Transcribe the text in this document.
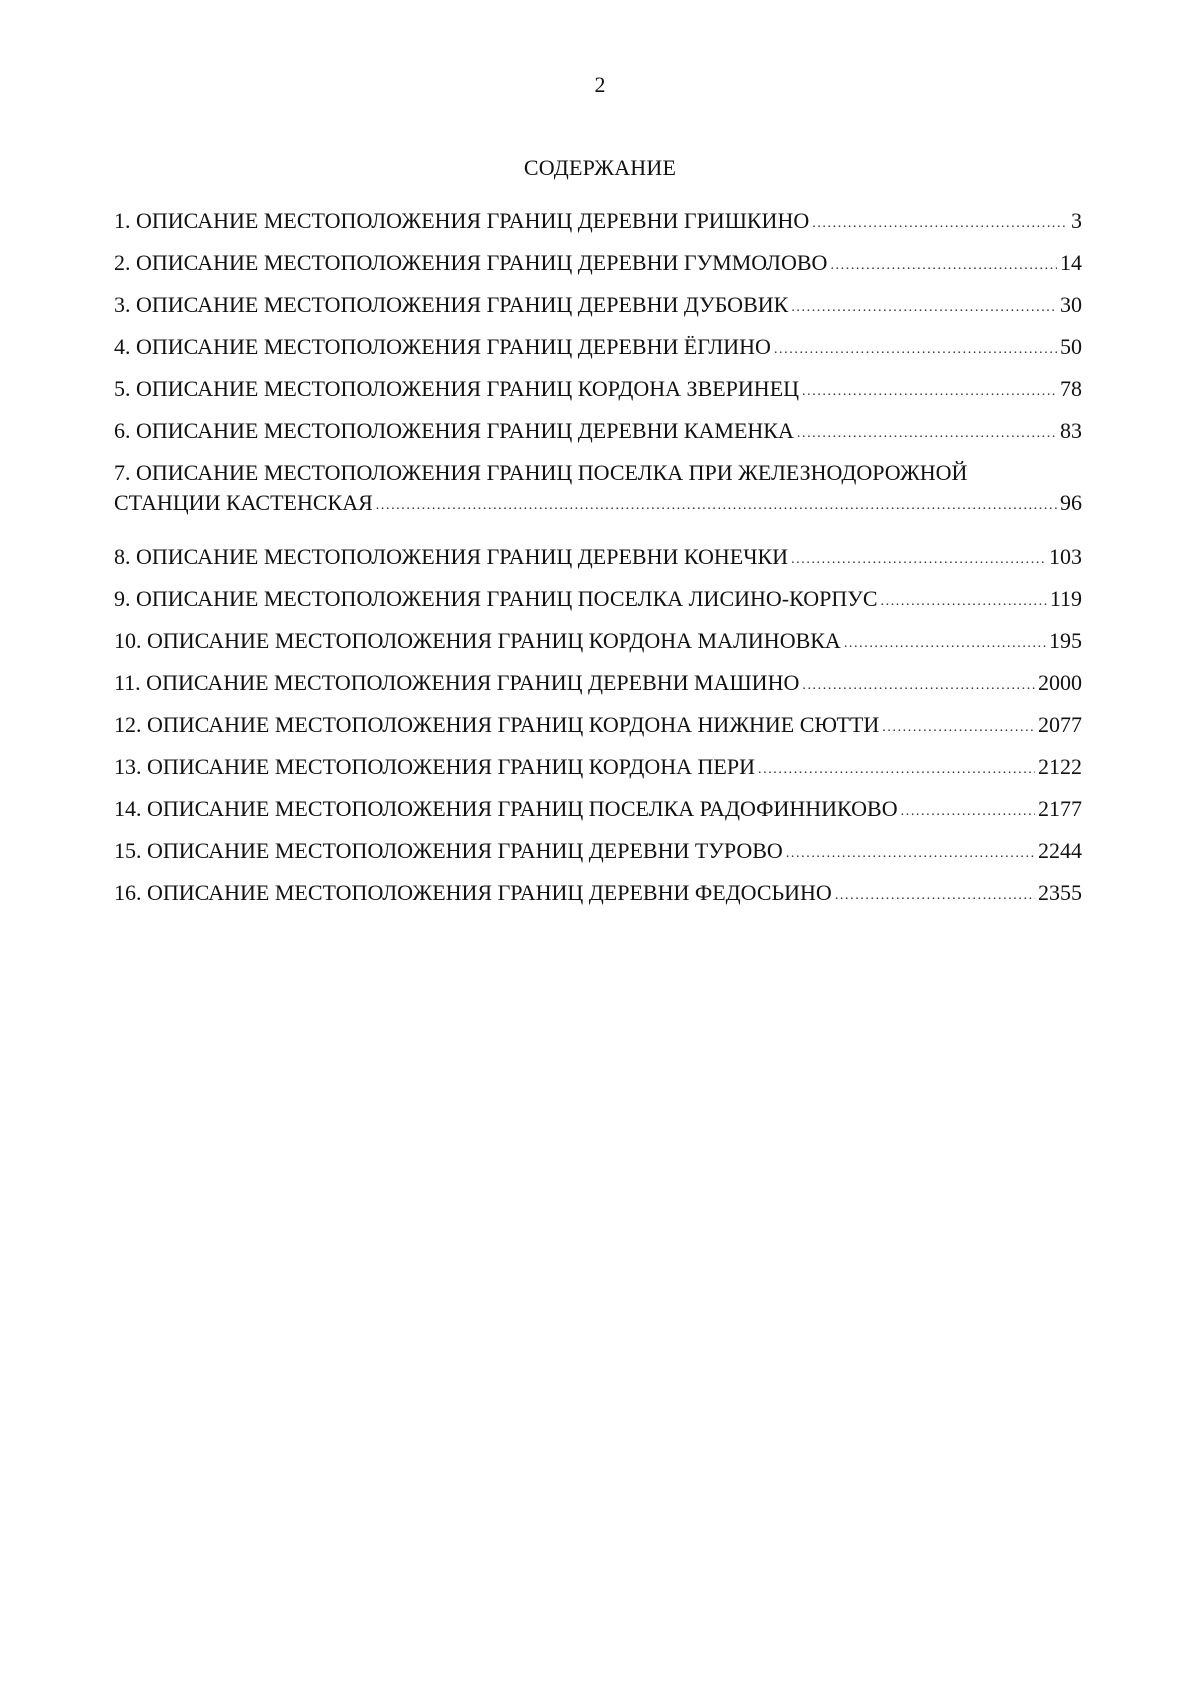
2
СОДЕРЖАНИЕ
1. ОПИСАНИЕ МЕСТОПОЛОЖЕНИЯ ГРАНИЦ ДЕРЕВНИ ГРИШКИНО .....	3
2. ОПИСАНИЕ МЕСТОПОЛОЖЕНИЯ ГРАНИЦ ДЕРЕВНИ ГУММОЛОВО .....	14
3. ОПИСАНИЕ МЕСТОПОЛОЖЕНИЯ ГРАНИЦ ДЕРЕВНИ ДУБОВИК .....	30
4. ОПИСАНИЕ МЕСТОПОЛОЖЕНИЯ ГРАНИЦ ДЕРЕВНИ ЁГЛИНО .....	50
5. ОПИСАНИЕ МЕСТОПОЛОЖЕНИЯ ГРАНИЦ КОРДОНА ЗВЕРИНЕЦ .....	78
6. ОПИСАНИЕ МЕСТОПОЛОЖЕНИЯ ГРАНИЦ ДЕРЕВНИ КАМЕНКА .....	83
7. ОПИСАНИЕ МЕСТОПОЛОЖЕНИЯ ГРАНИЦ ПОСЕЛКА ПРИ ЖЕЛЕЗНОДОРОЖНОЙ
СТАНЦИИ КАСТЕНСКАЯ .....	96
8. ОПИСАНИЕ МЕСТОПОЛОЖЕНИЯ ГРАНИЦ ДЕРЕВНИ КОНЕЧКИ .....	103
9. ОПИСАНИЕ МЕСТОПОЛОЖЕНИЯ ГРАНИЦ ПОСЕЛКА ЛИСИНО-КОРПУС .....	119
10. ОПИСАНИЕ МЕСТОПОЛОЖЕНИЯ ГРАНИЦ КОРДОНА МАЛИНОВКА .....	195
11. ОПИСАНИЕ МЕСТОПОЛОЖЕНИЯ ГРАНИЦ ДЕРЕВНИ МАШИНО .....	2000
12. ОПИСАНИЕ МЕСТОПОЛОЖЕНИЯ ГРАНИЦ КОРДОНА НИЖНИЕ СЮТТИ .....	2077
13. ОПИСАНИЕ МЕСТОПОЛОЖЕНИЯ ГРАНИЦ КОРДОНА ПЕРИ .....	2122
14. ОПИСАНИЕ МЕСТОПОЛОЖЕНИЯ ГРАНИЦ ПОСЕЛКА РАДОФИННИКОВО .....	2177
15. ОПИСАНИЕ МЕСТОПОЛОЖЕНИЯ ГРАНИЦ ДЕРЕВНИ ТУРОВО .....	2244
16. ОПИСАНИЕ МЕСТОПОЛОЖЕНИЯ ГРАНИЦ ДЕРЕВНИ ФЕДОСЬИНО .....	2355
